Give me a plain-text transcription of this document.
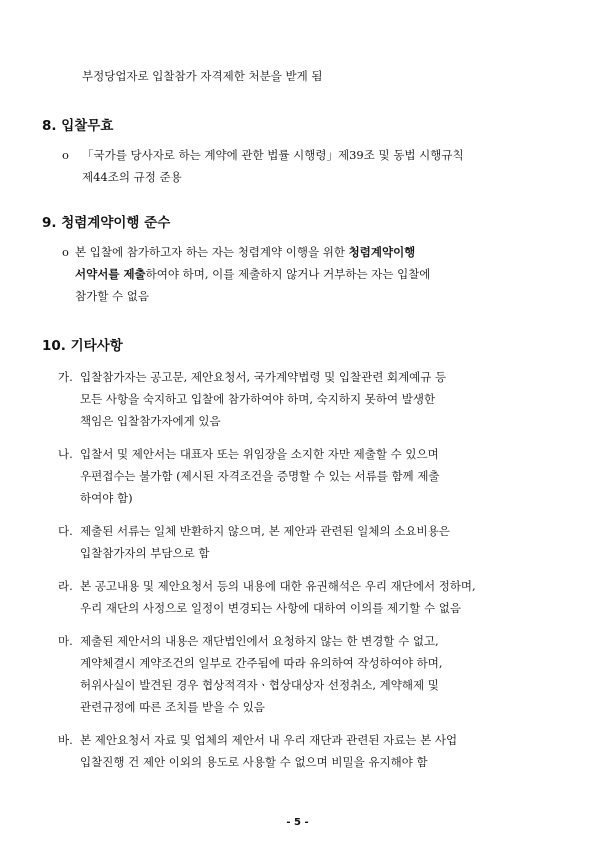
부정당업자로 입찰참가 자격제한 처분을 받게 됨
8. 입찰무효
o 「국가를 당사자로 하는 계약에 관한 법률 시행령」제39조 및 동법 시행규칙
제44조의 규정 준용
9. 청렴계약이행 준수
o 본 입찰에 참가하고자 하는 자는 청렴계약 이행을 위한 청렴계약이행
서약서를 제출하여야 하며, 이를 제출하지 않거나 거부하는 자는 입찰에
참가할 수 없음
10. 기타사항
가. 입찰참가자는 공고문, 제안요청서, 국가계약법령 및 입찰관련 회계예규 등
모든 사항을 숙지하고 입찰에 참가하여야 하며, 숙지하지 못하여 발생한
책임은 입찰참가자에게 있음
나. 입찰서 및 제안서는 대표자 또는 위임장을 소지한 자만 제출할 수 있으며
우편접수는 불가함 (제시된 자격조건을 증명할 수 있는 서류를 함께 제출
하여야 함)
다. 제출된 서류는 일체 반환하지 않으며, 본 제안과 관련된 일체의 소요비용은
입찰참가자의 부담으로 함
라. 본 공고내용 및 제안요청서 등의 내용에 대한 유권해석은 우리 재단에서 정하며,
우리 재단의 사정으로 일정이 변경되는 사항에 대하여 이의를 제기할 수 없음
마. 제출된 제안서의 내용은 재단법인에서 요청하지 않는 한 변경할 수 없고,
계약체결시 계약조건의 일부로 간주됨에 따라 유의하여 작성하여야 하며,
허위사실이 발견된 경우 협상적격자ㆍ협상대상자 선정취소, 계약해제 및
관련규정에 따른 조치를 받을 수 있음
바. 본 제안요청서 자료 및 업체의 제안서 내 우리 재단과 관련된 자료는 본 사업
입찰진행 건 제안 이외의 용도로 사용할 수 없으며 비밀을 유지해야 함
- 5 -
